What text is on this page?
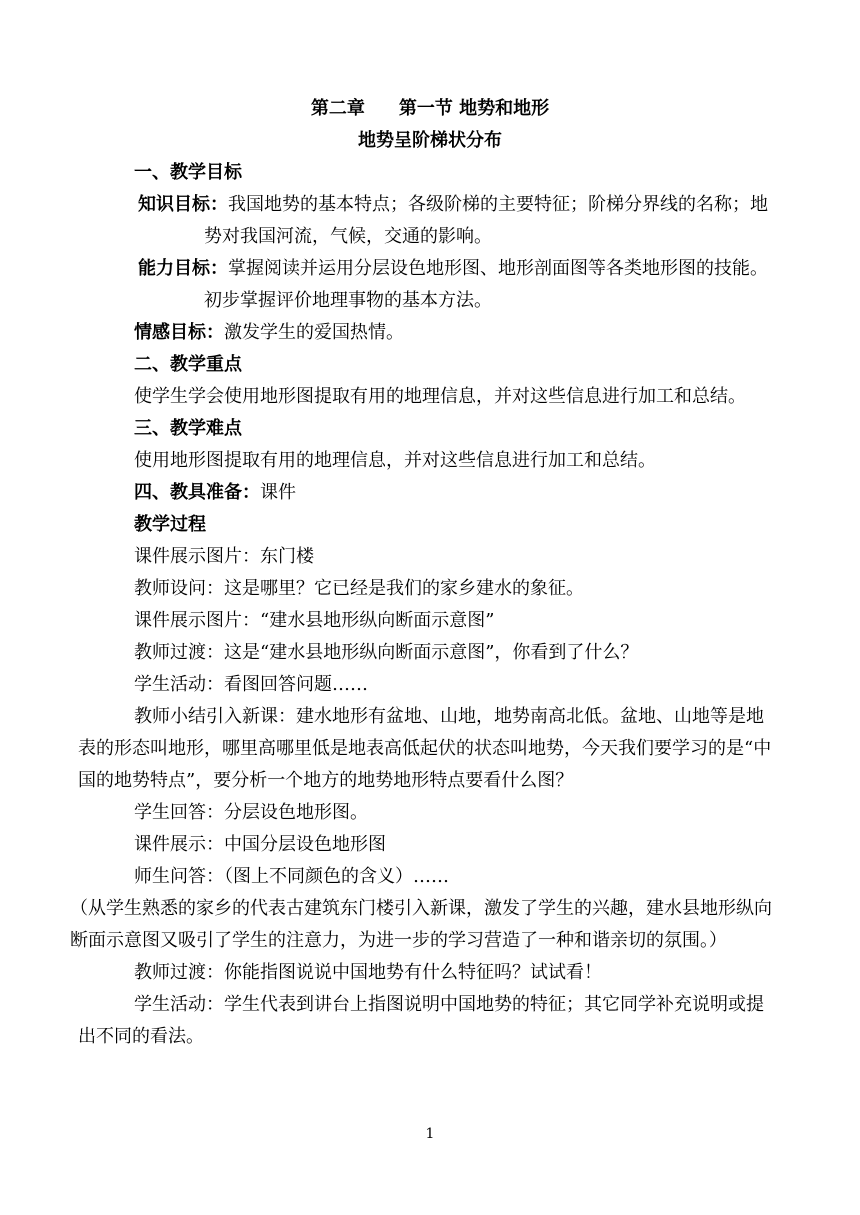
第二章 第一节 地势和地形
地势呈阶梯状分布

一、教学目标

知识目标：我国地势的基本特点；各级阶梯的主要特征；阶梯分界线的名称；地势对我国河流，气候，交通的影响。

能力目标：掌握阅读并运用分层设色地形图、地形剖面图等各类地形图的技能。初步掌握评价地理事物的基本方法。

情感目标：激发学生的爱国热情。

二、教学重点

使学生学会使用地形图提取有用的地理信息，并对这些信息进行加工和总结。

三、教学难点

使用地形图提取有用的地理信息，并对这些信息进行加工和总结。

四、教具准备：课件

教学过程

课件展示图片：东门楼

教师设问：这是哪里？它已经是我们的家乡建水的象征。

课件展示图片：“建水县地形纵向断面示意图”

教师过渡：这是“建水县地形纵向断面示意图”，你看到了什么？

学生活动：看图回答问题……

教师小结引入新课：建水地形有盆地、山地，地势南高北低。盆地、山地等是地表的形态叫地形，哪里高哪里低是地表高低起伏的状态叫地势，今天我们要学习的是“中国的地势特点”，要分析一个地方的地势地形特点要看什么图？

学生回答：分层设色地形图。

课件展示：中国分层设色地形图

师生问答：（图上不同颜色的含义）……

（从学生熟悉的家乡的代表古建筑东门楼引入新课，激发了学生的兴趣，建水县地形纵向断面示意图又吸引了学生的注意力，为进一步的学习营造了一种和谐亲切的氛围。）

教师过渡：你能指图说说中国地势有什么特征吗？试试看！

学生活动：学生代表到讲台上指图说明中国地势的特征；其它同学补充说明或提出不同的看法。

1
